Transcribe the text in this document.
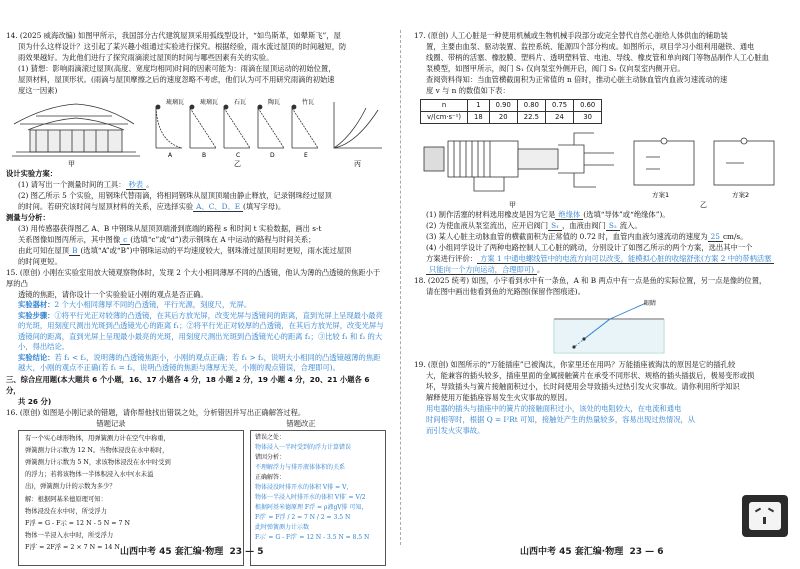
14. (2025 威海改编) 如图甲所示，我国部分古代建筑屋顶采用弧线型设计，“如鸟斯革，如翚斯飞”，屋

顶为什么这样设计？这引起了某兴趣小组通过实验进行探究。根据经验，雨水流过屋顶的时间越短，防

雨效果越好。为此他们进行了探究雨滴滚过屋顶的时间与哪些因素有关的实验。

(1) 猜想：影响雨滴滚过屋顶(高度、宽度均相同)时间的因素可能为：雨滴在屋顶运动的初始位置，

屋顶材料，屋顶形状。(雨滴与屋顶摩擦之后的速度忽略不考虑，他们认为可不用研究雨滴的初始速

度这一因素)

甲
琉璃瓦	琉璃瓦	石瓦	陶瓦	竹瓦
A	B	C	D	E
乙	丙

设计实验方案：

(1) 请写出一个测量时间的工具： 秒表 。

(2) 图乙所示 5 个实验，用钢珠代替雨滴，将相同钢珠从屋顶顶端由静止释放，记录钢珠经过屋顶

的时间。若研究该时间与屋顶材料的关系，应选择实验 A、C、D、E (填写字母)。

测量与分析：

(3) 用传感器获得图乙 A、B 中钢珠从屋顶顶端滑到底端的路程 s 和时间 t 实验数据，画出 s-t

关系图像如图丙所示，其中图像 c (选填“c”或“d”)表示钢珠在 A 中运动的路程与时间关系；

由此可知在屋顶 B (选填“A”或“B”)中钢珠运动的平均速度较大，钢珠滑过屋顶用时更短，雨水流过屋顶

的时间更短。

15. (原创) 小刚在实验室用放大镜观察物体时，发现 2 个大小相同薄厚不同的凸透镜，他认为薄的凸透镜的焦距小于厚的凸

透镜的焦距，请你设计一个实验验证小刚的观点是否正确。

实验器材：2 个大小相同薄厚不同的凸透镜，平行光源，刻度尺，光屏。

实验步骤：①将平行光正对较薄的凸透镜，在其后方放光屏，改变光屏与透镜间的距离，直到光屏上呈现最小最亮的光斑，用刻度尺测出光斑到凸透镜光心的距离 f₁；②将平行光正对较厚的凸透镜，在其后方放光屏，改变光屏与透镜间的距离，直到光屏上呈现最小最亮的光斑，用刻度尺测出光斑到凸透镜光心的距离 f₂；③比较 f₁ 和 f₂ 的大小，得出结论。

实验结论：若 f₁ < f₂，说明薄的凸透镜焦距小，小刚的观点正确；若 f₁ > f₂，说明大小相同的凸透镜越薄的焦距越大，小刚的观点不正确(若 f₁ = f₂，说明凸透镜的焦距与薄厚无关，小刚的观点错误，合理即可)。

三、综合应用题(本大题共 6 个小题，16、17 小题各 4 分，18 小题 2 分，19 小题 4 分，20、21 小题各 6 分，

共 26 分)

16. (原创) 如图是小刚记录的错题，请你帮他找出错误之处，分析错因并写出正确解答过程。

错题记录	错题改正

有一个实心球形物体，用弹簧测力计在空气中称重，

弹簧测力计示数为 12 N。当物体浸没在水中称时，

弹簧测力计示数为 5 N，求该物体浸没在水中时受到

的浮力；若将该物体一半体积浸入水中(水未溢

出)，弹簧测力计的示数为多少？

解：根据阿基米德原理可知：

物体浸没在水中时，所受浮力

F浮 = G - F示 = 12 N - 5 N = 7 N

物体一半浸入水中时，所受浮力

F浮′ = 2F浮 = 2 × 7 N = 14 N

错误之处：

物体浸入一半时受到的浮力计算错误

错因分析：

不理解浮力与排开液体体积的关系

正确解答：

物体浸没时排开水的体积 V排 = V，

物体一半浸入时排开水的体积 V排′ = V/2

根据阿基米德原理 F浮 = ρ液gV排 可知，

F浮′ = F浮 / 2 = 7 N / 2 = 3.5 N

此时弹簧测力计示数

F示′ = G - F浮′ = 12 N - 3.5 N = 8.5 N

山西中考 45 套汇编·物理 23 — 5

17. (原创) 人工心脏是一种使用机械或生物机械手段部分或完全替代自然心脏给人体供血的辅助装

置，主要由血泵、驱动装置、监控系统、能源四个部分构成。如图所示，项目学习小组利用磁铁、通电

线圈、带柄的活塞、橡胶膜、塑料片、透明塑料管、电池、导线、橡皮管和单向阀门等物品制作人工心脏血

泵模型，如图甲所示，阀门 S₁ 仅向泵室外侧开启，阀门 S₂ 仅向泵室内侧开启。

查阅资料得知：当血管横截面积为正常值的 n 倍时，推动心脏主动脉血管内血液匀速流动的速

度 v 与 n 的数值如下表：

n	1	0.90	0.80	0.75	0.60
v/(cm·s⁻¹)	18	20	22.5	24	30
甲	乙
方案1	方案2

(1) 制作活塞的材料选用橡皮是因为它是 绝缘体 (选填“导体”或“绝缘体”)。

(2) 为使血液从泵室流出，应开启阀门 S₁ ，血液由阀门 S₂ 流入。

(3) 某人心脏主动脉血管的横截面积为正常值的 0.72 时，血管内血液匀速流动的速度为 25 cm/s。

(4) 小组同学设计了两种电路控制人工心脏的跳动，分别设计了如图乙所示的两个方案，选出其中一个

方案进行评价： 方案 1 中通电螺线管中的电流方向可以改变，能模拟心脏的收缩舒张(方案 2 中的带柄活塞

只能向一个方向运动，合理即可) 。

18. (2025 统考) 如图，小宇看到水中有一条鱼，A 和 B 两点中有一点是鱼的实际位置，另一点是像的位置，

请在图中画出他看到鱼的光路图(保留作图痕迹)。

眼睛

19. (原创) 如图所示的“万能插座”已被淘汰，你家里还在用吗？万能插座被淘汰的原因是它的插孔较

大，能兼容的插头较多，插座里面的金属接触簧片在承受不同形状、规格的插头插拔后，极易变形或损

坏，导致插头与簧片接触面积过小，长时间使用会导致插头过热引发火灾事故。请你利用所学知识

解释使用万能插座容易发生火灾事故的原因。

用电器的插头与插座中的簧片的接触面积过小，该处的电阻较大，在电流和通电

时间相等时，根据 Q = I²Rt 可知，接触处产生的热量较多，容易出现过热情况，从

而引发火灾事故。

山西中考 45 套汇编·物理 23 — 6
